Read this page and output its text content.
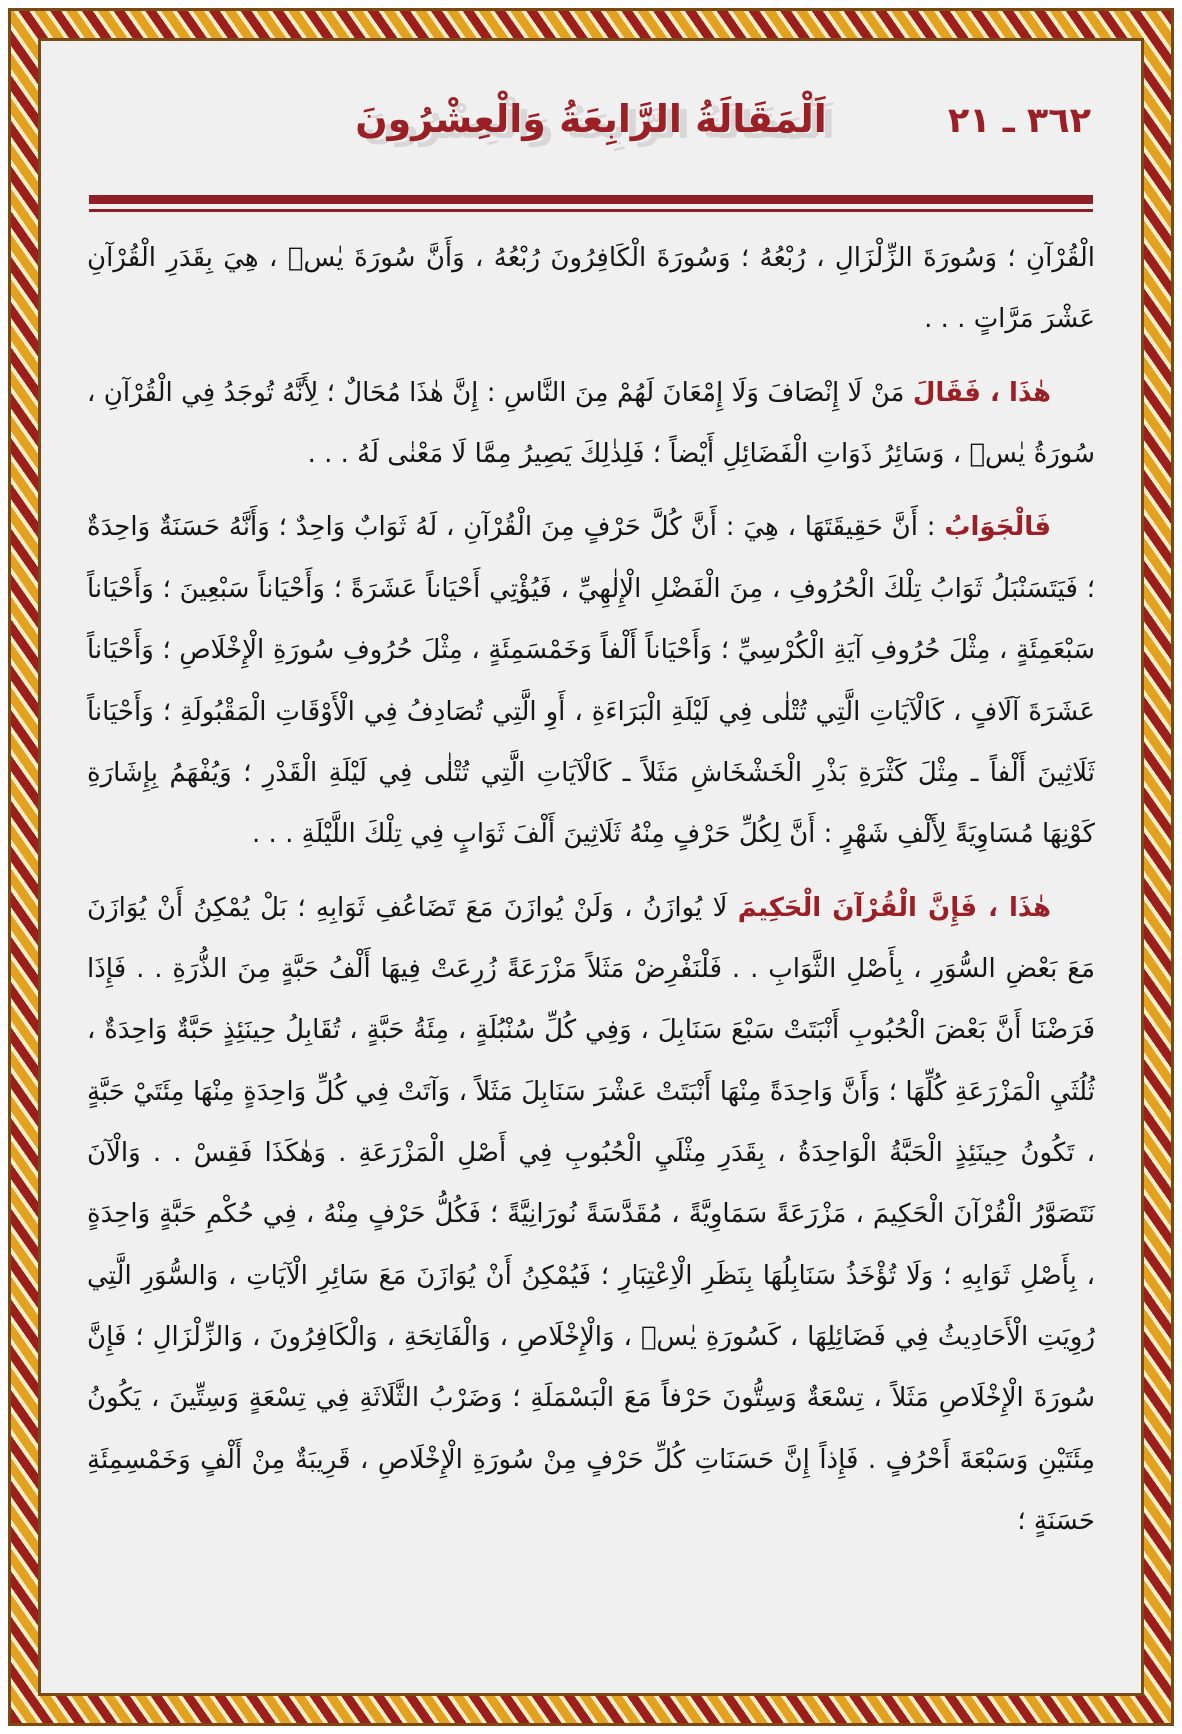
٣٦٢ ـ ٢١
اَلْمَقَالَةُ الرَّابِعَةُ وَالْعِشْرُونَ

الْقُرْآنِ ؛ وَسُورَةَ الزِّلْزَالِ ، رُبْعُهُ ؛ وَسُورَةَ الْكَافِرُونَ رُبْعُهُ ، وَأَنَّ سُورَةَ يٰسۤ ، هِيَ بِقَدَرِ الْقُرْآنِ عَشْرَ مَرَّاتٍ . . .

هٰذَا ، فَقَالَ مَنْ لَا إِنْصَافَ وَلَا إِمْعَانَ لَهُمْ مِنَ النَّاسِ : إِنَّ هٰذَا مُحَالٌ ؛ لِأَنَّهُ تُوجَدُ فِي الْقُرْآنِ ، سُورَةُ يٰسۤ ، وَسَائِرُ ذَوَاتِ الْفَضَائِلِ أَيْضاً ؛ فَلِذٰلِكَ يَصِيرُ مِمَّا لَا مَعْنٰى لَهُ . . .

فَالْجَوَابُ : أَنَّ حَقِيقَتَهَا ، هِيَ : أَنَّ كُلَّ حَرْفٍ مِنَ الْقُرْآنِ ، لَهُ ثَوَابٌ وَاحِدٌ ؛ وَأَنَّهُ حَسَنَةٌ وَاحِدَةٌ ؛ فَيَتَسَنْبَلُ ثَوَابُ تِلْكَ الْحُرُوفِ ، مِنَ الْفَضْلِ الْإِلٰهِيِّ ، فَيُؤْتِي أَحْيَاناً عَشَرَةً ؛ وَأَحْيَاناً سَبْعِينَ ؛ وَأَحْيَاناً سَبْعَمِئَةٍ ، مِثْلَ حُرُوفِ آيَةِ الْكُرْسِيِّ ؛ وَأَحْيَاناً أَلْفاً وَخَمْسَمِئَةٍ ، مِثْلَ حُرُوفِ سُورَةِ الْإِخْلَاصِ ؛ وَأَحْيَاناً عَشَرَةَ آلَافٍ ، كَالْآيَاتِ الَّتِي تُتْلٰى فِي لَيْلَةِ الْبَرَاءَةِ ، أَوِ الَّتِي تُصَادِفُ فِي الْأَوْقَاتِ الْمَقْبُولَةِ ؛ وَأَحْيَاناً ثَلَاثِينَ أَلْفاً ـ مِثْلَ كَثْرَةِ بَذْرِ الْخَشْخَاشِ مَثَلاً ـ كَالْآيَاتِ الَّتِي تُتْلٰى فِي لَيْلَةِ الْقَدْرِ ؛ وَيُفْهَمُ بِإِشَارَةِ كَوْنِهَا مُسَاوِيَةً لِأَلْفِ شَهْرٍ : أَنَّ لِكُلِّ حَرْفٍ مِنْهُ ثَلَاثِينَ أَلْفَ ثَوَابٍ فِي تِلْكَ اللَّيْلَةِ . . .

هٰذَا ، فَإِنَّ الْقُرْآنَ الْحَكِيمَ لَا يُوازَنُ ، وَلَنْ يُوازَنَ مَعَ تَضَاعُفِ ثَوَابِهِ ؛ بَلْ يُمْكِنُ أَنْ يُوَازَنَ مَعَ بَعْضِ السُّوَرِ ، بِأَصْلِ الثَّوَابِ . . فَلْنَفْرِضْ مَثَلاً مَزْرَعَةً زُرِعَتْ فِيهَا أَلْفُ حَبَّةٍ مِنَ الذُّرَةِ . . فَإِذَا فَرَضْنَا أَنَّ بَعْضَ الْحُبُوبِ أَنْبَتَتْ سَبْعَ سَنَابِلَ ، وَفِي كُلِّ سُنْبُلَةٍ ، مِئَةُ حَبَّةٍ ، تُقَابِلُ حِينَئِذٍ حَبَّةٌ وَاحِدَةٌ ، ثُلُثَيِ الْمَزْرَعَةِ كُلِّهَا ؛ وَأَنَّ وَاحِدَةً مِنْهَا أَنْبَتَتْ عَشْرَ سَنَابِلَ مَثَلاً ، وَآتَتْ فِي كُلِّ وَاحِدَةٍ مِنْهَا مِئَتَيْ حَبَّةٍ ، تَكُونُ حِينَئِذٍ الْحَبَّةُ الْوَاحِدَةُ ، بِقَدَرِ مِثْلَيِ الْحُبُوبِ فِي أَصْلِ الْمَزْرَعَةِ . وَهٰكَذَا فَقِسْ . . وَالْآنَ نَتَصَوَّرُ الْقُرْآنَ الْحَكِيمَ ، مَزْرَعَةً سَمَاوِيَّةً ، مُقَدَّسَةً نُورَانِيَّةً ؛ فَكُلُّ حَرْفٍ مِنْهُ ، فِي حُكْمِ حَبَّةٍ وَاحِدَةٍ ، بِأَصْلِ ثَوَابِهِ ؛ وَلَا تُؤْخَذُ سَنَابِلُهَا بِنَظَرِ الْاِعْتِبَارِ ؛ فَيُمْكِنُ أَنْ يُوَازَنَ مَعَ سَائِرِ الْآيَاتِ ، وَالسُّوَرِ الَّتِي رُوِيَتِ الْأَحَادِيثُ فِي فَضَائِلِهَا ، كَسُورَةِ يٰسۤ ، وَالْإِخْلَاصِ ، وَالْفَاتِحَةِ ، وَالْكَافِرُونَ ، وَالزِّلْزَالِ ؛ فَإِنَّ سُورَةَ الْإِخْلَاصِ مَثَلاً ، تِسْعَةٌ وَسِتُّونَ حَرْفاً مَعَ الْبَسْمَلَةِ ؛ وَضَرْبُ الثَّلَاثَةِ فِي تِسْعَةٍ وَسِتِّينَ ، يَكُونُ مِئَتَيْنِ وَسَبْعَةَ أَحْرُفٍ . فَإِذاً إِنَّ حَسَنَاتِ كُلِّ حَرْفٍ مِنْ سُورَةِ الْإِخْلَاصِ ، قَرِيبَةٌ مِنْ أَلْفٍ وَخَمْسِمِئَةِ حَسَنَةٍ ؛
